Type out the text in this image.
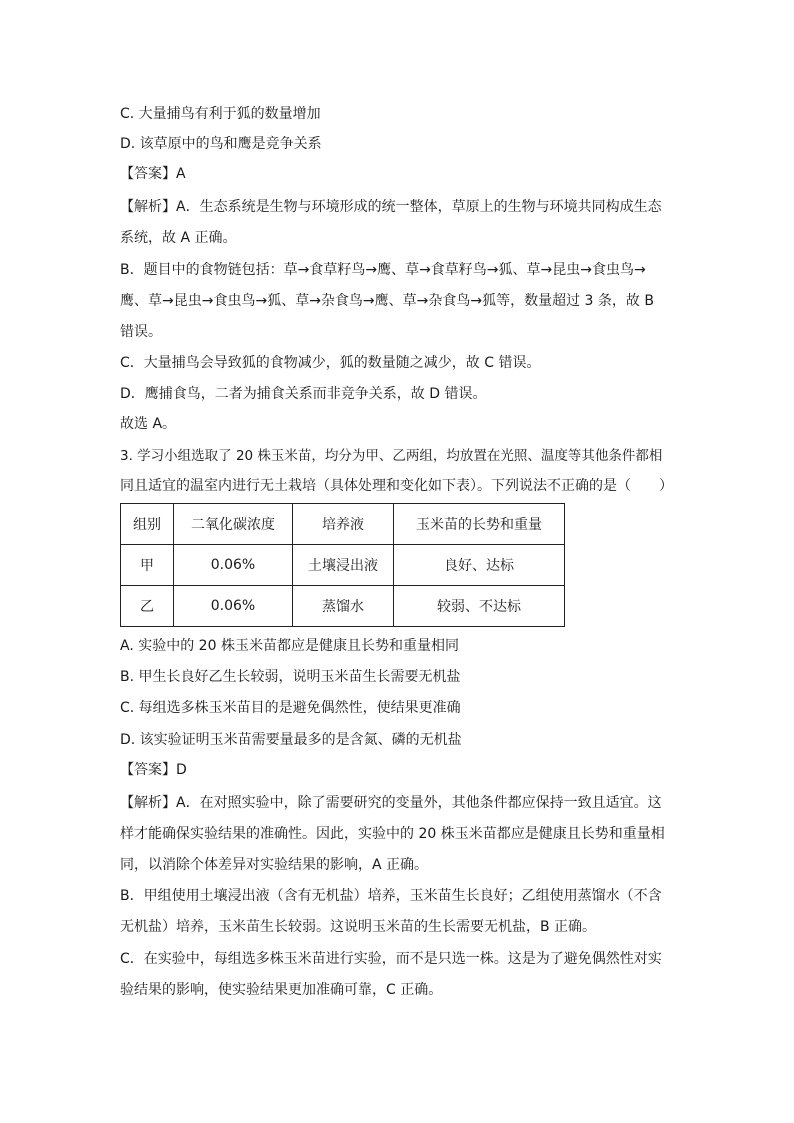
C. 大量捕鸟有利于狐的数量增加
D. 该草原中的鸟和鹰是竞争关系
【答案】A
【解析】A．生态系统是生物与环境形成的统一整体，草原上的生物与环境共同构成生态
系统，故 A 正确。
B．题目中的食物链包括：草→食草籽鸟→鹰、草→食草籽鸟→狐、草→昆虫→食虫鸟→
鹰、草→昆虫→食虫鸟→狐、草→杂食鸟→鹰、草→杂食鸟→狐等，数量超过 3 条，故 B
错误。
C．大量捕鸟会导致狐的食物减少，狐的数量随之减少，故 C 错误。
D．鹰捕食鸟，二者为捕食关系而非竞争关系，故 D 错误。
故选 A。
3. 学习小组选取了 20 株玉米苗，均分为甲、乙两组，均放置在光照、温度等其他条件都相
同且适宜的温室内进行无土栽培（具体处理和变化如下表）。下列说法不正确的是（　　）
组别	二氧化碳浓度	培养液	玉米苗的长势和重量
甲	0.06%	土壤浸出液	良好、达标
乙	0.06%	蒸馏水	较弱、不达标
A. 实验中的 20 株玉米苗都应是健康且长势和重量相同
B. 甲生长良好乙生长较弱，说明玉米苗生长需要无机盐
C. 每组选多株玉米苗目的是避免偶然性，使结果更准确
D. 该实验证明玉米苗需要量最多的是含氮、磷的无机盐
【答案】D
【解析】A．在对照实验中，除了需要研究的变量外，其他条件都应保持一致且适宜。这
样才能确保实验结果的准确性。因此，实验中的 20 株玉米苗都应是健康且长势和重量相
同，以消除个体差异对实验结果的影响，A 正确。
B．甲组使用土壤浸出液（含有无机盐）培养，玉米苗生长良好；乙组使用蒸馏水（不含
无机盐）培养，玉米苗生长较弱。这说明玉米苗的生长需要无机盐，B 正确。
C．在实验中，每组选多株玉米苗进行实验，而不是只选一株。这是为了避免偶然性对实
验结果的影响，使实验结果更加准确可靠，C 正确。
